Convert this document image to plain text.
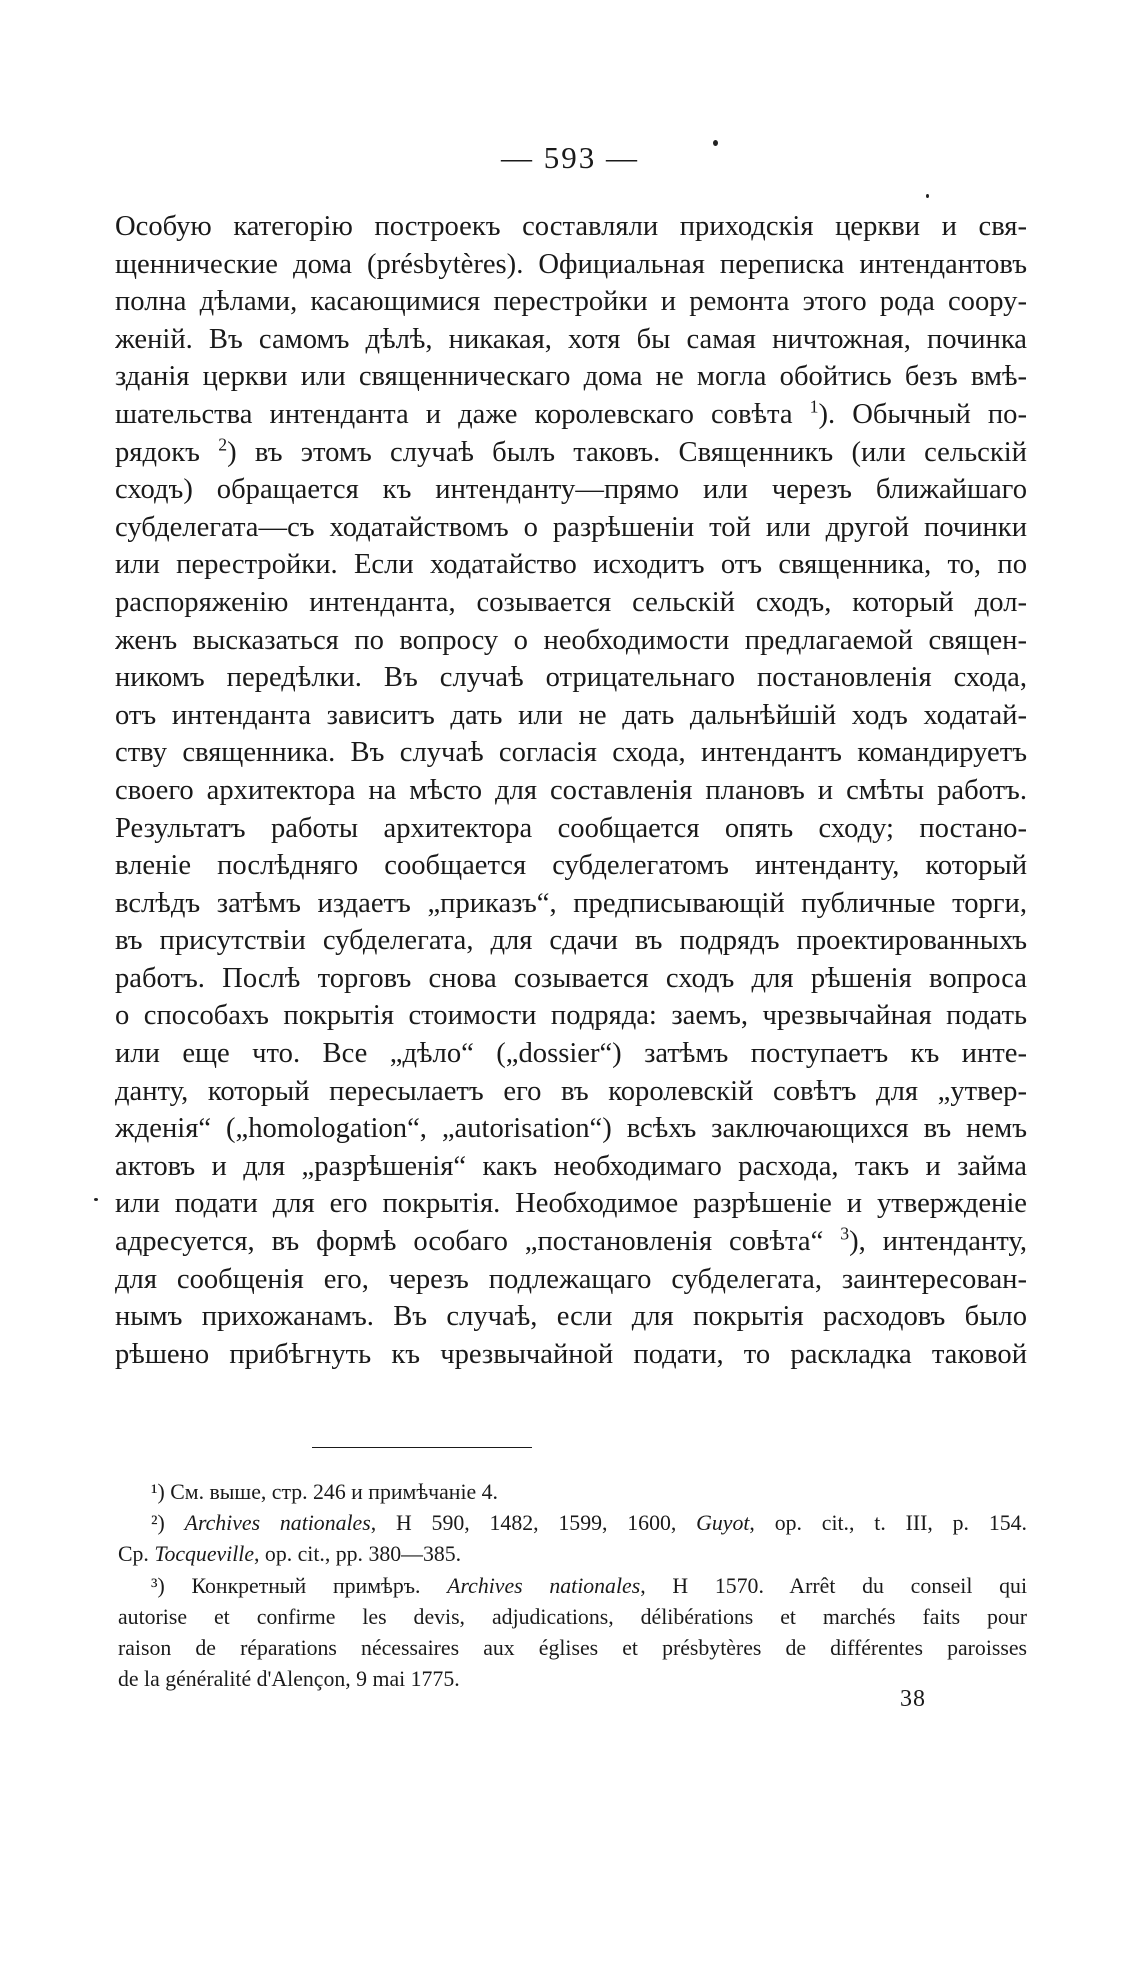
— 593 —
Особую категорію построекъ составляли приходскія церкви и свя-
щеннические дома (présbytères). Официальная переписка интендантовъ
полна дѣлами, касающимися перестройки и ремонта этого рода соору-
женій. Въ самомъ дѣлѣ, никакая, хотя бы самая ничтожная, починка
зданія церкви или священническаго дома не могла обойтись безъ вмѣ-
шательства интенданта и даже королевскаго совѣта $^1$). Обычный по-
рядокъ $^2$) въ этомъ случаѣ былъ таковъ. Священникъ (или сельскій
сходъ) обращается къ интенданту—прямо или черезъ ближайшаго
субделегата—съ ходатайствомъ о разрѣшеніи той или другой починки
или перестройки. Если ходатайство исходитъ отъ священника, то, по
распоряженію интенданта, созывается сельскій сходъ, который дол-
женъ высказаться по вопросу о необходимости предлагаемой священ-
никомъ передѣлки. Въ случаѣ отрицательнаго постановленія схода,
отъ интенданта зависитъ дать или не дать дальнѣйшій ходъ ходатай-
ству священника. Въ случаѣ согласія схода, интендантъ командируетъ
своего архитектора на мѣсто для составленія плановъ и смѣты работъ.
Результатъ работы архитектора сообщается опять сходу; постано-
вленіе послѣдняго сообщается субделегатомъ интенданту, который
вслѣдъ затѣмъ издаетъ „приказъ“, предписывающій публичные торги,
въ присутствіи субделегата, для сдачи въ подрядъ проектированныхъ
работъ. Послѣ торговъ снова созывается сходъ для рѣшенія вопроса
о способахъ покрытія стоимости подряда: заемъ, чрезвычайная подать
или еще что. Все „дѣло“ („dossier“) затѣмъ поступаетъ къ инте-
данту, который пересылаетъ его въ королевскій совѣтъ для „утвер-
жденія“ („homologation“, „autorisation“) всѣхъ заключающихся въ немъ
актовъ и для „разрѣшенія“ какъ необходимаго расхода, такъ и займа
или подати для его покрытія. Необходимое разрѣшеніе и утвержденіе
адресуется, въ формѣ особаго „постановленія совѣта“ $^3$), интенданту,
для сообщенія его, черезъ подлежащаго субделегата, заинтересован-
нымъ прихожанамъ. Въ случаѣ, если для покрытія расходовъ было
рѣшено прибѣгнуть къ чрезвычайной подати, то раскладка таковой
¹) См. выше, стр. 246 и примѣчаніе 4.
²) Archives nationales, H 590, 1482, 1599, 1600, Guyot, op. cit., t. III, p. 154.
Ср. Tocqueville, op. cit., pp. 380—385.
³) Конкретный примѣръ. Archives nationales, H 1570. Arrêt du conseil qui
autorise et confirme les devis, adjudications, délibérations et marchés faits pour
raison de réparations nécessaires aux églises et présbytères de différentes paroisses
de la généralité d'Alençon, 9 mai 1775.
38
